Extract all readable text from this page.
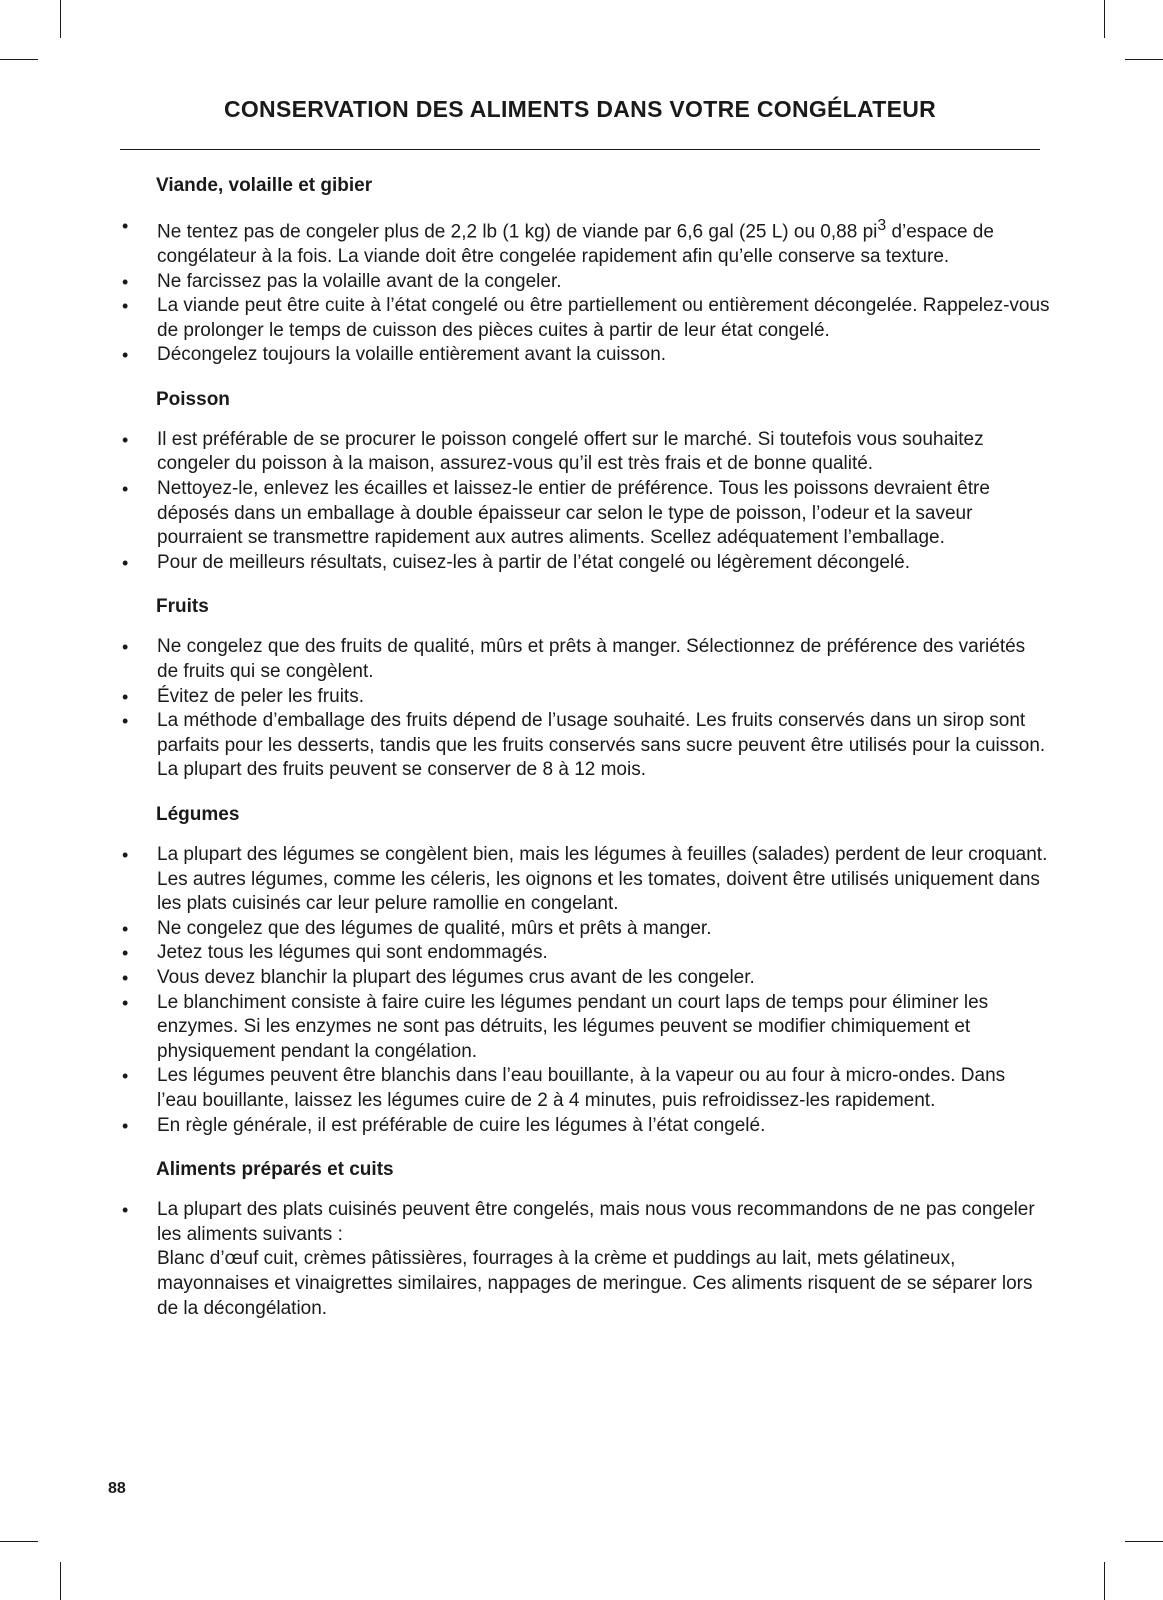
CONSERVATION DES ALIMENTS DANS VOTRE CONGÉLATEUR
Viande, volaille et gibier
• Ne tentez pas de congeler plus de 2,2 lb (1 kg) de viande par 6,6 gal (25 L) ou 0,88 $pi^3$ d’espace de congélateur à la fois. La viande doit être congelée rapidement afin qu’elle conserve sa texture.
• Ne farcissez pas la volaille avant de la congeler.
• La viande peut être cuite à l’état congelé ou être partiellement ou entièrement décongelée. Rappelez-vous de prolonger le temps de cuisson des pièces cuites à partir de leur état congelé.
• Décongelez toujours la volaille entièrement avant la cuisson.
Poisson
• Il est préférable de se procurer le poisson congelé offert sur le marché. Si toutefois vous souhaitez congeler du poisson à la maison, assurez-vous qu’il est très frais et de bonne qualité.
• Nettoyez-le, enlevez les écailles et laissez-le entier de préférence. Tous les poissons devraient être déposés dans un emballage à double épaisseur car selon le type de poisson, l’odeur et la saveur pourraient se transmettre rapidement aux autres aliments. Scellez adéquatement l’emballage.
• Pour de meilleurs résultats, cuisez-les à partir de l’état congelé ou légèrement décongelé.
Fruits
• Ne congelez que des fruits de qualité, mûrs et prêts à manger. Sélectionnez de préférence des variétés de fruits qui se congèlent.
• Évitez de peler les fruits.
• La méthode d’emballage des fruits dépend de l’usage souhaité. Les fruits conservés dans un sirop sont parfaits pour les desserts, tandis que les fruits conservés sans sucre peuvent être utilisés pour la cuisson. La plupart des fruits peuvent se conserver de 8 à 12 mois.
Légumes
• La plupart des légumes se congèlent bien, mais les légumes à feuilles (salades) perdent de leur croquant. Les autres légumes, comme les céleris, les oignons et les tomates, doivent être utilisés uniquement dans les plats cuisinés car leur pelure ramollie en congelant.
• Ne congelez que des légumes de qualité, mûrs et prêts à manger.
• Jetez tous les légumes qui sont endommagés.
• Vous devez blanchir la plupart des légumes crus avant de les congeler.
• Le blanchiment consiste à faire cuire les légumes pendant un court laps de temps pour éliminer les enzymes. Si les enzymes ne sont pas détruits, les légumes peuvent se modifier chimiquement et physiquement pendant la congélation.
• Les légumes peuvent être blanchis dans l’eau bouillante, à la vapeur ou au four à micro-ondes. Dans l’eau bouillante, laissez les légumes cuire de 2 à 4 minutes, puis refroidissez-les rapidement.
• En règle générale, il est préférable de cuire les légumes à l’état congelé.
Aliments préparés et cuits
• La plupart des plats cuisinés peuvent être congelés, mais nous vous recommandons de ne pas congeler les aliments suivants :
Blanc d’œuf cuit, crèmes pâtissières, fourrages à la crème et puddings au lait, mets gélatineux, mayonnaises et vinaigrettes similaires, nappages de meringue. Ces aliments risquent de se séparer lors de la décongélation.
88
